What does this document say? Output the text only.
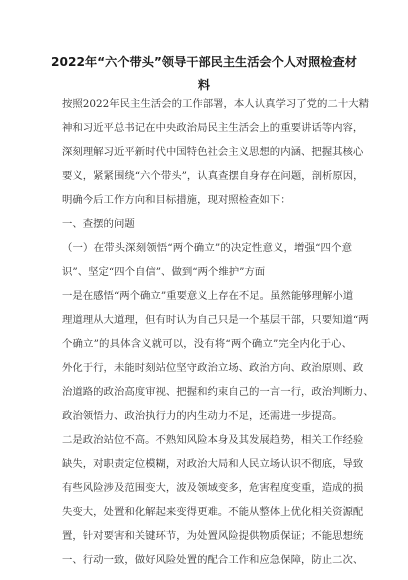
2022年“六个带头”领导干部民主生活会个人对照检查材
料
按照2022年民主生活会的工作部署，本人认真学习了党的二十大精
神和习近平总书记在中央政治局民主生活会上的重要讲话等内容，
深刻理解习近平新时代中国特色社会主义思想的内涵、把握其核心
要义，紧紧围绕“六个带头”，认真查摆自身存在问题，剖析原因，
明确今后工作方向和目标措施，现对照检查如下：
一、查摆的问题
（一）在带头深刻领悟“两个确立”的决定性意义，增强“四个意
识”、坚定“四个自信”、做到“两个维护”方面
一是在感悟“两个确立”重要意义上存在不足。虽然能够理解小道
理道理从大道理，但有时认为自己只是一个基层干部，只要知道“两
个确立”的具体含义就可以，没有将“两个确立”完全内化于心、
外化于行，未能时刻站位坚守政治立场、政治方向、政治原则、政
治道路的政治高度审视、把握和约束自己的一言一行，政治判断力、
政治领悟力、政治执行力的内生动力不足，还需进一步提高。
二是政治站位不高。不熟知风险本身及其发展趋势，相关工作经验
缺失，对职责定位模糊，对政治大局和人民立场认识不彻底，导致
有些风险涉及范围变大，波及领域变多，危害程度变重，造成的损
失变大，处置和化解起来变得更难。不能从整体上优化相关资源配
置，针对要害和关键环节，为处置风险提供物质保证；不能思想统
一、行动一致，做好风险处置的配合工作和应急保障，防止二次、
